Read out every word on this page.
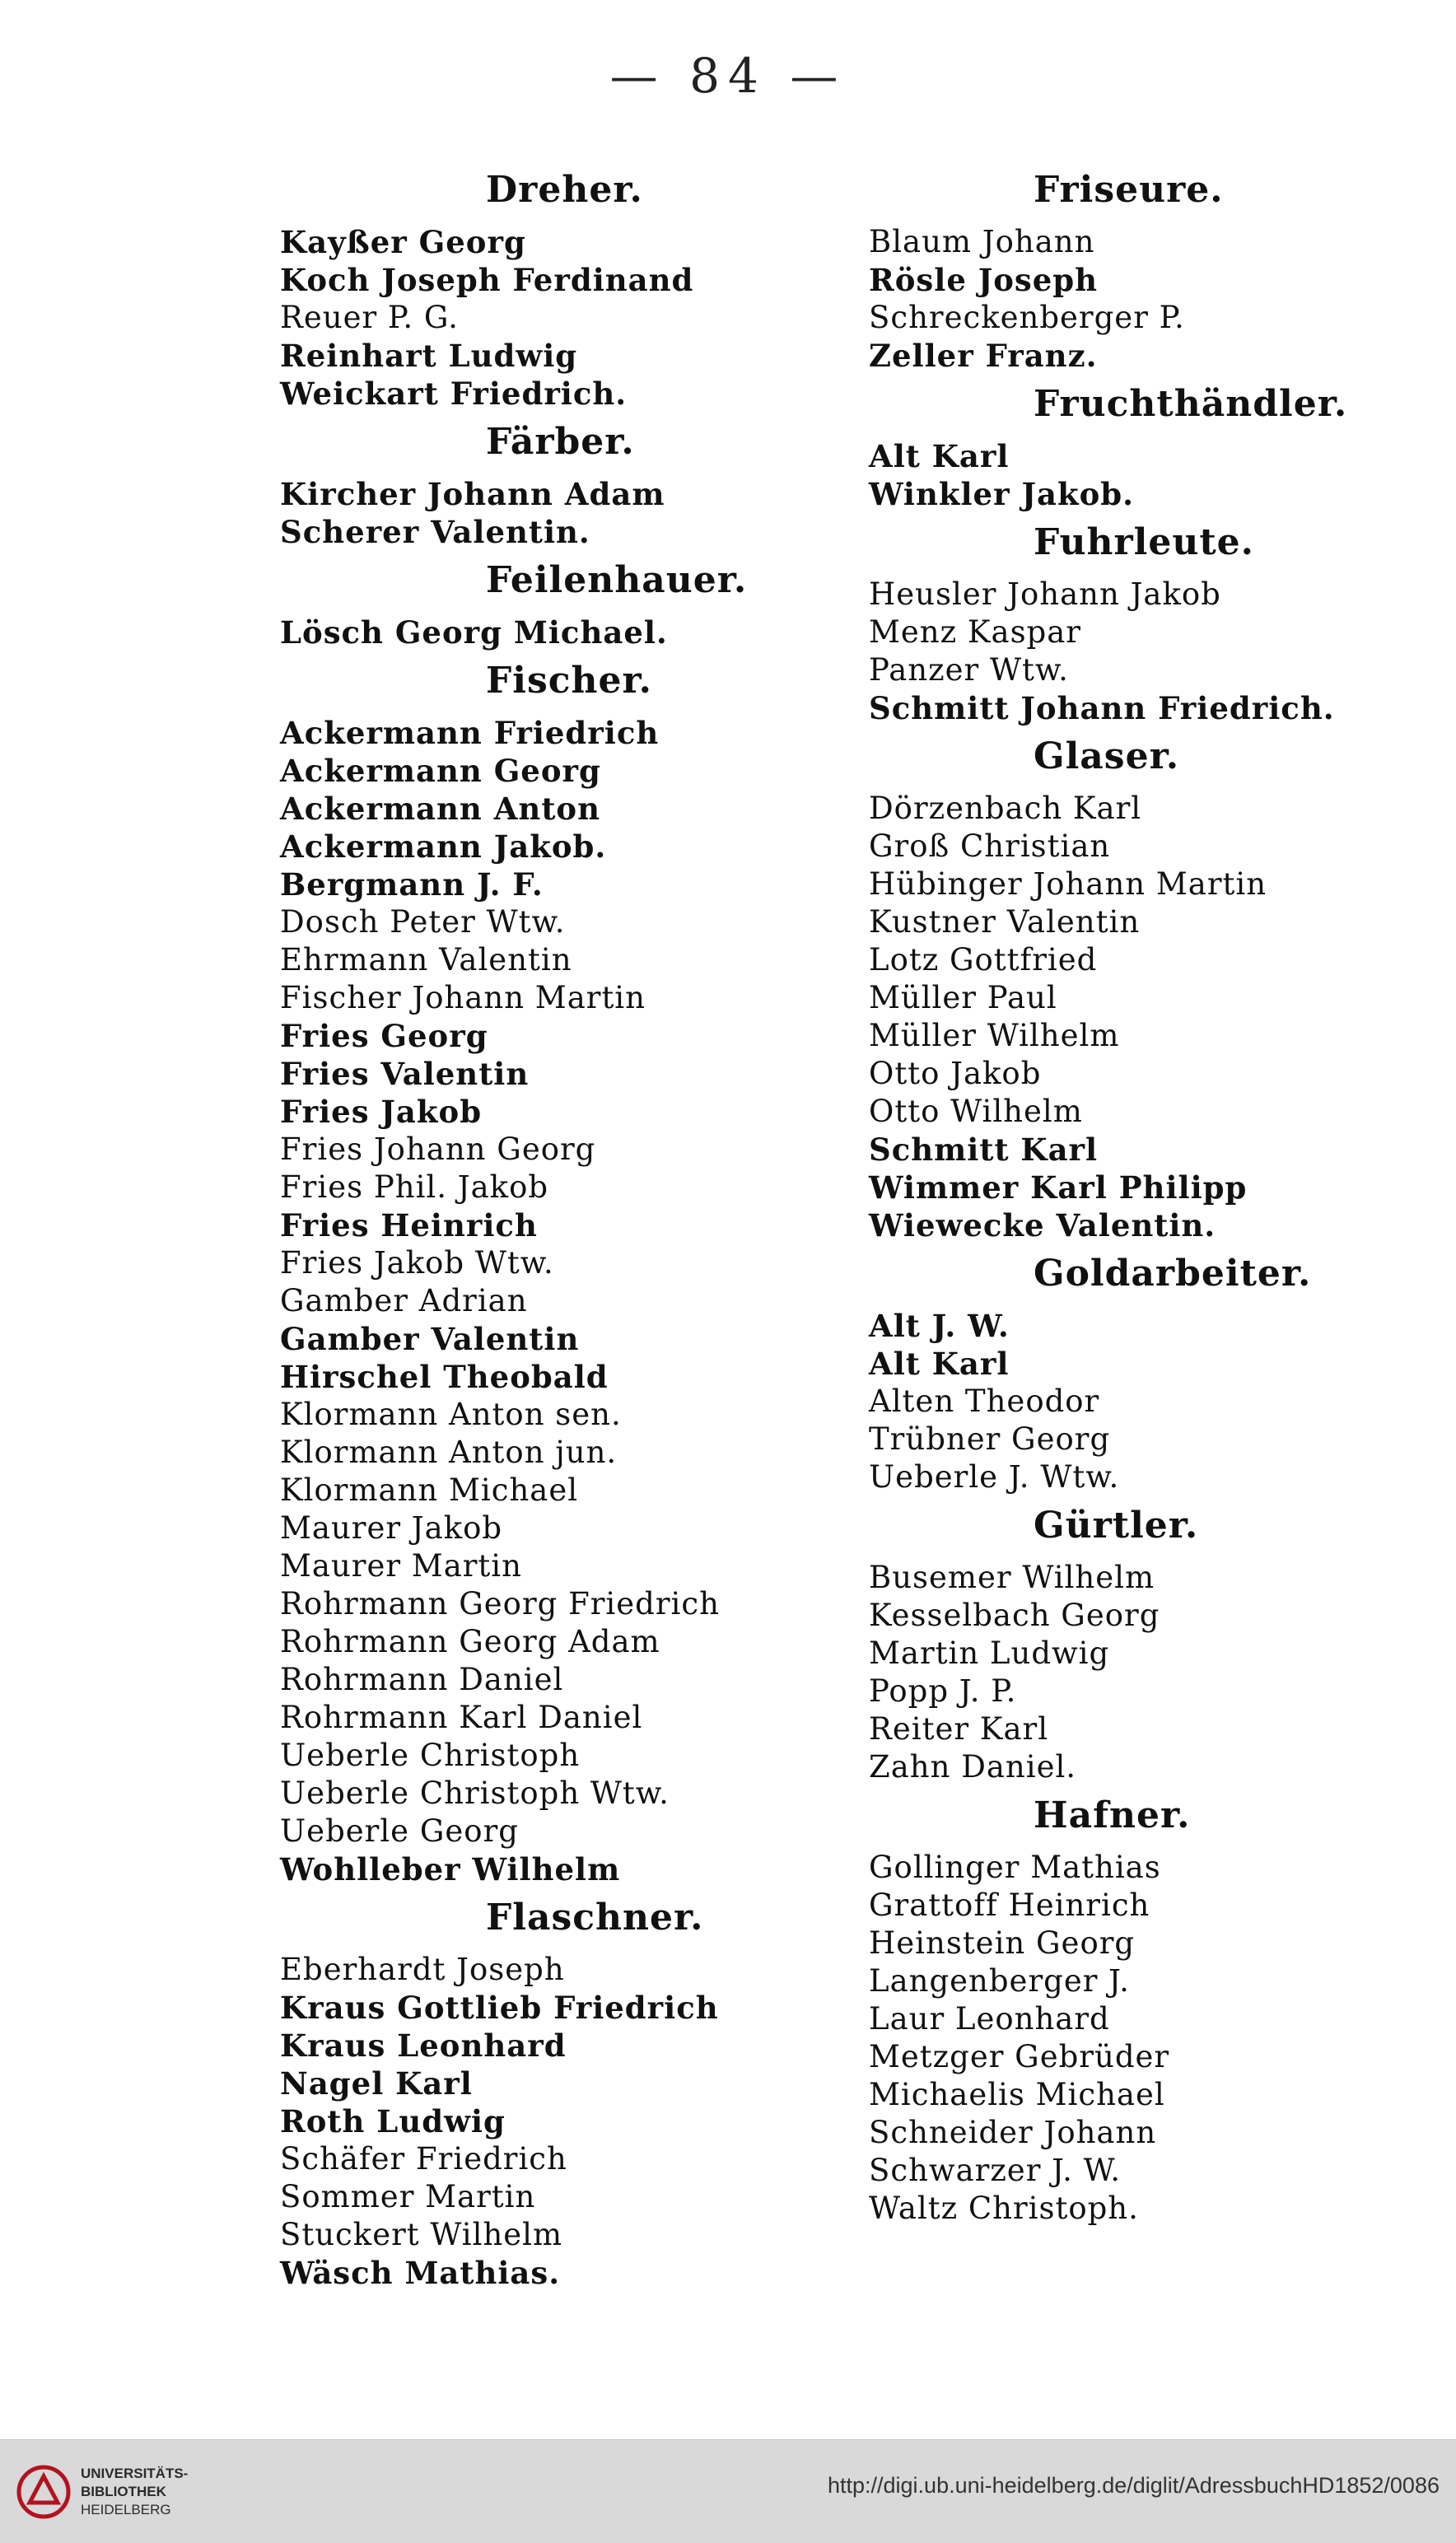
— 84 —
Dreher.
Kayßer Georg
Koch Joseph Ferdinand
Reuer P. G.
Reinhart Ludwig
Weickart Friedrich.
Färber.
Kircher Johann Adam
Scherer Valentin.
Feilenhauer.
Lösch Georg Michael.
Fischer.
Ackermann Friedrich
Ackermann Georg
Ackermann Anton
Ackermann Jakob.
Bergmann J. F.
Dosch Peter Wtw.
Ehrmann Valentin
Fischer Johann Martin
Fries Georg
Fries Valentin
Fries Jakob
Fries Johann Georg
Fries Phil. Jakob
Fries Heinrich
Fries Jakob Wtw.
Gamber Adrian
Gamber Valentin
Hirschel Theobald
Klormann Anton sen.
Klormann Anton jun.
Klormann Michael
Maurer Jakob
Maurer Martin
Rohrmann Georg Friedrich
Rohrmann Georg Adam
Rohrmann Daniel
Rohrmann Karl Daniel
Ueberle Christoph
Ueberle Christoph Wtw.
Ueberle Georg
Wohlleber Wilhelm
Flaschner.
Eberhardt Joseph
Kraus Gottlieb Friedrich
Kraus Leonhard
Nagel Karl
Roth Ludwig
Schäfer Friedrich
Sommer Martin
Stuckert Wilhelm
Wäsch Mathias.
Friseure.
Blaum Johann
Rösle Joseph
Schreckenberger P.
Zeller Franz.
Fruchthändler.
Alt Karl
Winkler Jakob.
Fuhrleute.
Heusler Johann Jakob
Menz Kaspar
Panzer Wtw.
Schmitt Johann Friedrich.
Glaser.
Dörzenbach Karl
Groß Christian
Hübinger Johann Martin
Kustner Valentin
Lotz Gottfried
Müller Paul
Müller Wilhelm
Otto Jakob
Otto Wilhelm
Schmitt Karl
Wimmer Karl Philipp
Wiewecke Valentin.
Goldarbeiter.
Alt J. W.
Alt Karl
Alten Theodor
Trübner Georg
Ueberle J. Wtw.
Gürtler.
Busemer Wilhelm
Kesselbach Georg
Martin Ludwig
Popp J. P.
Reiter Karl
Zahn Daniel.
Hafner.
Gollinger Mathias
Grattoff Heinrich
Heinstein Georg
Langenberger J.
Laur Leonhard
Metzger Gebrüder
Michaelis Michael
Schneider Johann
Schwarzer J. W.
Waltz Christoph.
UNIVERSITÄTS-
BIBLIOTHEK
HEIDELBERG
http://digi.ub.uni-heidelberg.de/diglit/AdressbuchHD1852/0086
